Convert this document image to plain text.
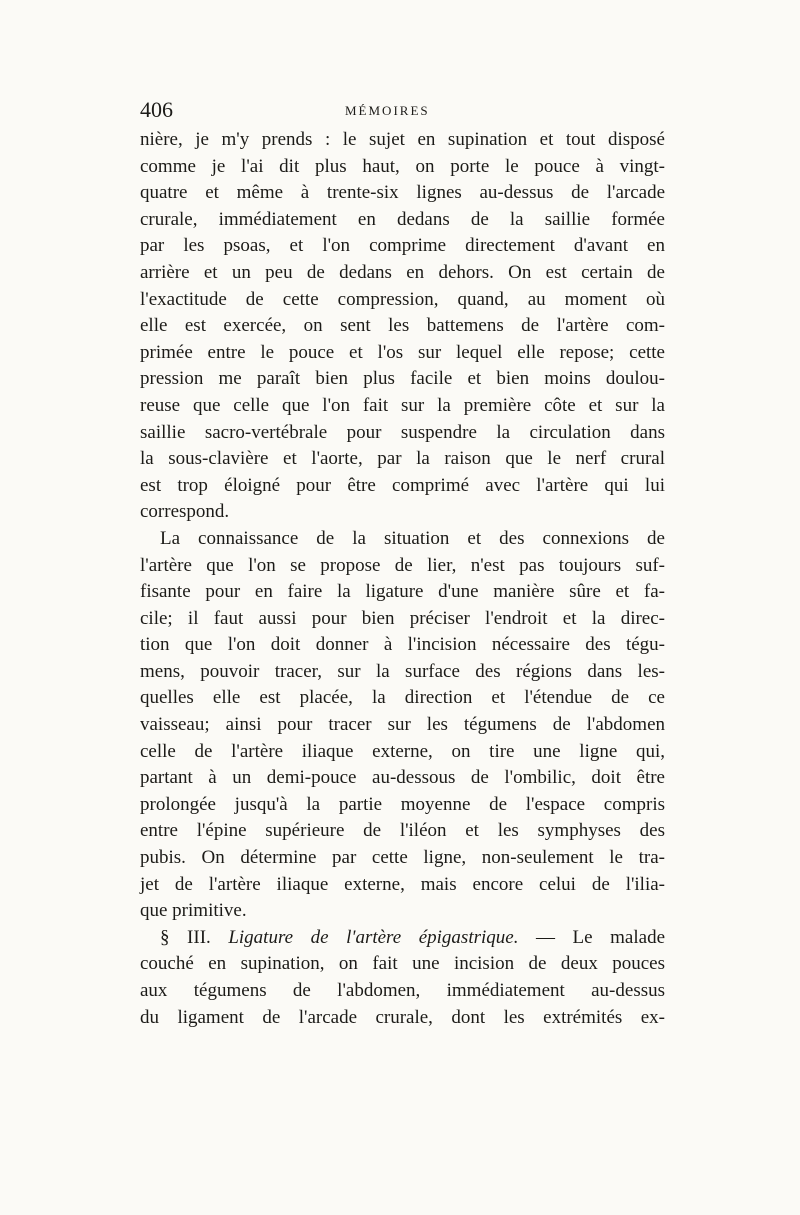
406	MÉMOIRES
nière, je m'y prends : le sujet en supination et tout disposé
comme je l'ai dit plus haut, on porte le pouce à vingt-
quatre et même à trente-six lignes au-dessus de l'arcade
crurale, immédiatement en dedans de la saillie formée
par les psoas, et l'on comprime directement d'avant en
arrière et un peu de dedans en dehors. On est certain de
l'exactitude de cette compression, quand, au moment où
elle est exercée, on sent les battemens de l'artère com-
primée entre le pouce et l'os sur lequel elle repose; cette
pression me paraît bien plus facile et bien moins doulou-
reuse que celle que l'on fait sur la première côte et sur la
saillie sacro-vertébrale pour suspendre la circulation dans
la sous-clavière et l'aorte, par la raison que le nerf crural
est trop éloigné pour être comprimé avec l'artère qui lui
correspond.
La connaissance de la situation et des connexions de
l'artère que l'on se propose de lier, n'est pas toujours suf-
fisante pour en faire la ligature d'une manière sûre et fa-
cile; il faut aussi pour bien préciser l'endroit et la direc-
tion que l'on doit donner à l'incision nécessaire des tégu-
mens, pouvoir tracer, sur la surface des régions dans les-
quelles elle est placée, la direction et l'étendue de ce
vaisseau; ainsi pour tracer sur les tégumens de l'abdomen
celle de l'artère iliaque externe, on tire une ligne qui,
partant à un demi-pouce au-dessous de l'ombilic, doit être
prolongée jusqu'à la partie moyenne de l'espace compris
entre l'épine supérieure de l'iléon et les symphyses des
pubis. On détermine par cette ligne, non-seulement le tra-
jet de l'artère iliaque externe, mais encore celui de l'ilia-
que primitive.
§ III. Ligature de l'artère épigastrique. — Le malade
couché en supination, on fait une incision de deux pouces
aux tégumens de l'abdomen, immédiatement au-dessus
du ligament de l'arcade crurale, dont les extrémités ex-
